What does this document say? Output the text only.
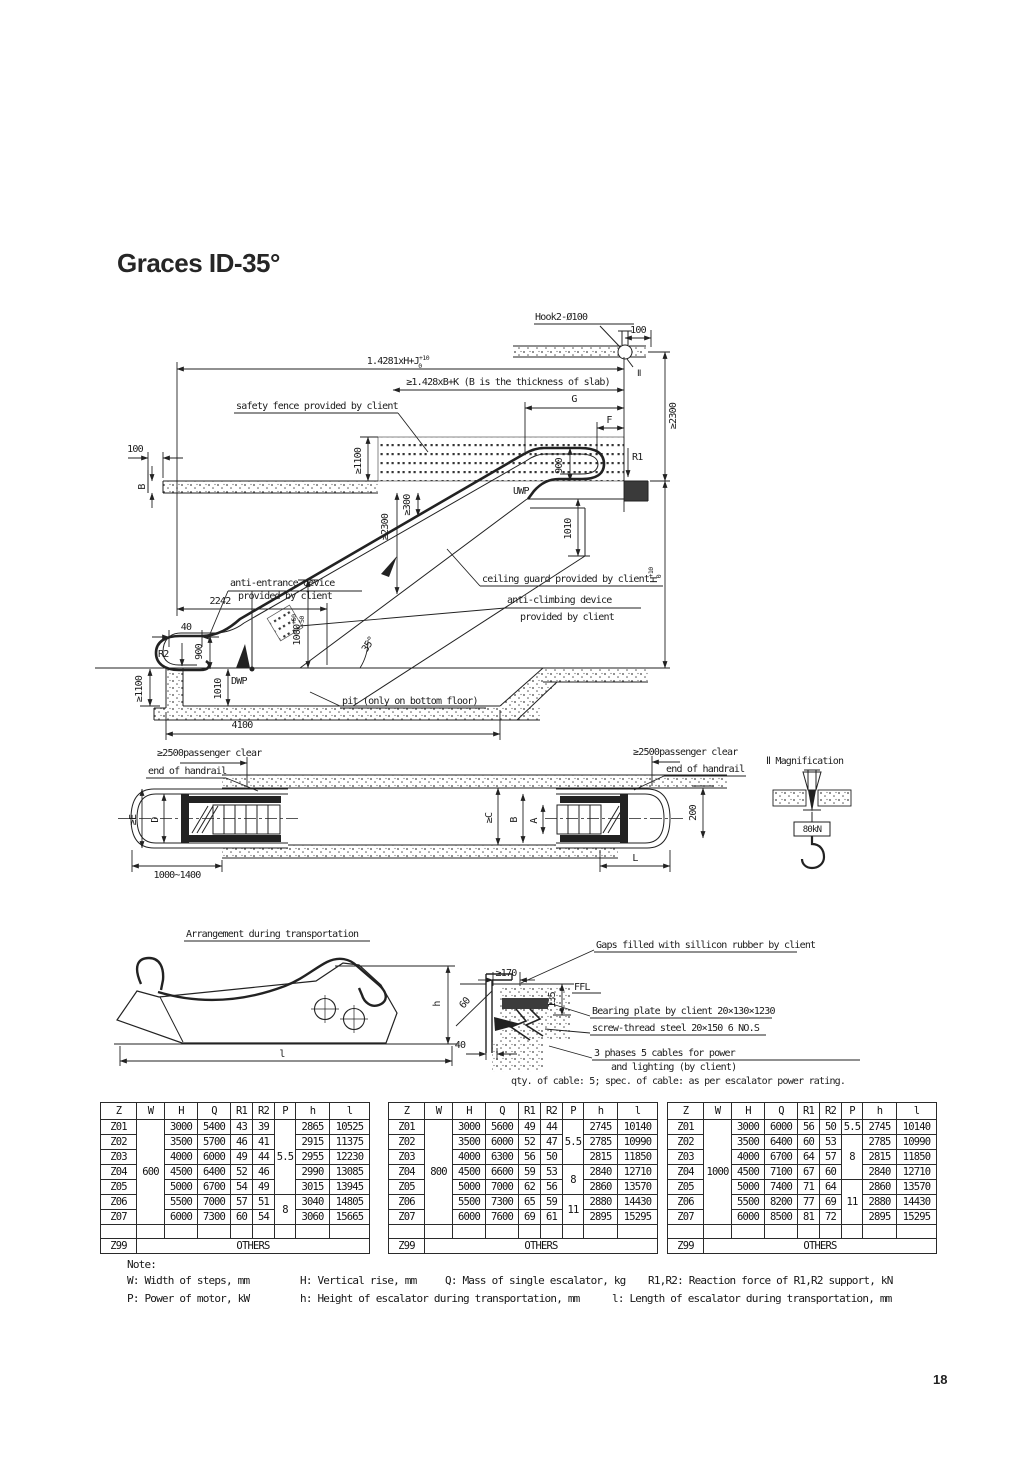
Graces ID-35°
Hook2-Ø100
100
Ⅱ
$1.4281xH+J^{+10}$ 0
≥1.428xB+K (B is the thickness of slab)
G
F	≥2300
$H^{+10}0$
safety fence provided by client
100
B
≥1100	900
R1
UWP
1010
≥300
≥2300
anti-entrance device
provided by client
ceiling guard provided by client
anti-climbing device
provided by client
2242
40
R2	900
DWP
1010
≥1100
$1000^{+50}-50$
35°
pit (only on bottom floor)
4100
≥2500passenger clear
end of handrail
≥E D
1000~1400
≥C B A
≥2500passenger clear
end of handrail
200
L
Ⅱ Magnification
80kN
Arrangement during transportation
h
l
Gaps filled with sillicon rubber by client
≥170
FFL
135
60
Bearing plate by client 20×130×1230
screw-thread steel 20×150 6 NO.S
40
3 phases 5 cables for power
and lighting (by client)
qty. of cable: 5; spec. of cable: as per escalator power rating.
Z	W	H	Q	R1	R2	P	h	l
Z01	600	3000	5400	43	39	5.5	2865	10525
Z02		3500	5700	46	41		2915	11375
Z03		4000	6000	49	44		2955	12230
Z04		4500	6400	52	46		2990	13085
Z05		5000	6700	54	49		3015	13945
Z06		5500	7000	57	51	8	3040	14805
Z07		6000	7300	60	54		3060	15665

Z99	OTHERS							
Z	W	H	Q	R1	R2	P	h	l
Z01	800	3000	5600	49	44	5.5	2745	10140
Z02		3500	6000	52	47		2785	10990
Z03		4000	6300	56	50		2815	11850
Z04		4500	6600	59	53	8	2840	12710
Z05		5000	7000	62	56		2860	13570
Z06		5500	7300	65	59	11	2880	14430
Z07		6000	7600	69	61		2895	15295

Z99	OTHERS							
Z	W	H	Q	R1	R2	P	h	l
Z01	1000	3000	6000	56	50	5.5	2745	10140
Z02		3500	6400	60	53	8	2785	10990
Z03		4000	6700	64	57		2815	11850
Z04		4500	7100	67	60		2840	12710
Z05		5000	7400	71	64	11	2860	13570
Z06		5500	8200	77	69		2880	14430
Z07		6000	8500	81	72		2895	15295

Z99	OTHERS							
Note:
W: Width of steps, mm	H: Vertical rise, mm	Q: Mass of single escalator, kg R1,R2: Reaction force of R1,R2 support, kN
P: Power of motor, kW	h: Height of escalator during transportation, mm	l: Length of escalator during transportation, mm
18
